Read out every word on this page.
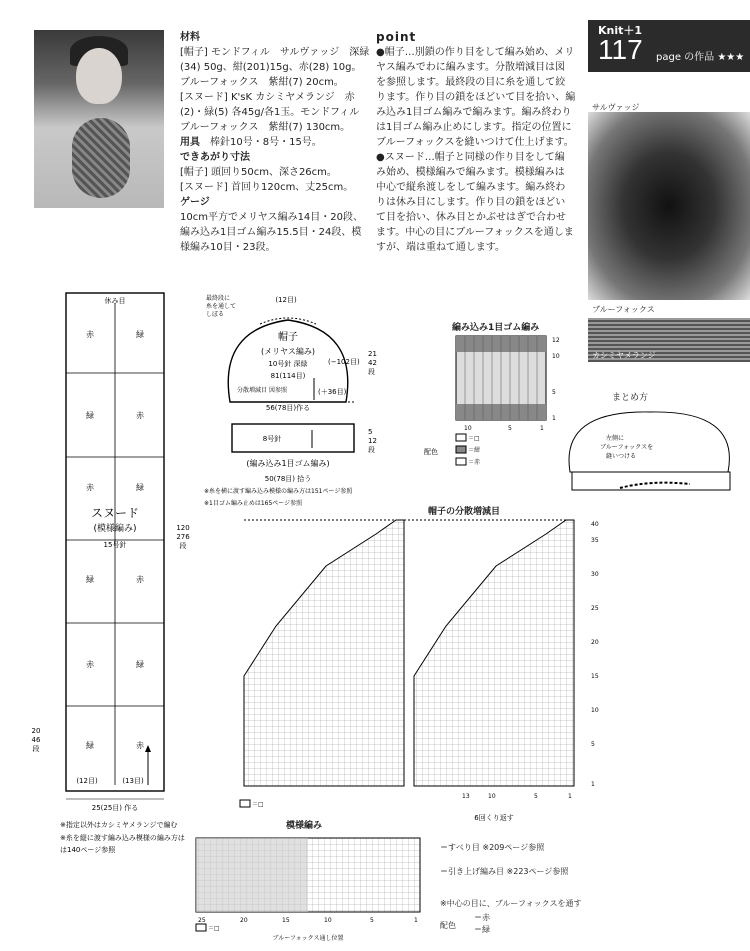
材料
[帽子] モンドフィル　サルヴァッジ　深緑
(34) 50g、紺(201)15g、赤(28) 10g。
ブルーフォックス　紫紺(7) 20cm。
[スヌード] K'sK カシミヤメランジ　赤
(2)・緑(5) 各45g/各1玉。モンドフィル
ブルーフォックス　紫紺(7) 130cm。
用具　 棒針10号・8号・15号。
できあがり寸法
[帽子] 頭回り50cm、深さ26cm。
[スヌード] 首回り120cm、丈25cm。
ゲージ
10cm平方でメリヤス編み14目・20段、
編み込み1目ゴム編み15.5目・24段、模
様編み10目・23段。
point
●帽子…別鎖の作り目をして編み始め、メリ
ヤス編みでわに編みます。分散増減目は図
を参照します。最終段の目に糸を通して絞
ります。作り目の鎖をほどいて目を拾い、編
み込み1目ゴム編みで編みます。編み終わり
は1目ゴム編み止めにします。指定の位置に
ブルーフォックスを縫いつけて仕上げます。
●スヌード…帽子と同様の作り目をして編
み始め、模様編みで編みます。模様編みは
中心で縦糸渡しをして編みます。編み終わ
りは休み目にします。作り目の鎖をほどい
て目を拾い、休み目とかぶせはぎで合わせ
ます。中心の目にブルーフォックスを通しま
すが、端は重ねて通します。
Knit＋1
117 page の作品 ★★★
サルヴァッジ
ブルーフォックス
カシミヤメランジ
休み目
赤	緑
緑	赤
赤	緑
スヌード
(模様編み)
15号針
緑	赤
赤	緑
緑	赤
(12目)	(13目)
25(25目) 作る
120
276
段
20
46
段
※指定以外はカシミヤメランジで編む
※糸を縦に渡す編み込み模様の編み方は
は140ページ参照
最終段に
糸を通して
しぼる
(12目)
帽子
(メリヤス編み)
10号針 深緑
81(114目)
(−102目)
分散増減目 図参照	(＋36目)
56(78目)作る
21
42
段
8号針
5
12
段
(編み込み1目ゴム編み)
50(78目) 拾う
※糸を横に渡す編み込み模様の編み方は151ページ参照
※1目ゴム編み止めは165ページ参照
編み込み1目ゴム編み
12
10
5
1
10	5	1
＝□
＝紺
＝赤
配色
まとめ方
左側に
ブルーフォックスを
縫いつける
帽子の分散増減目
40
35
30
25
20
15
10
5
1
13	10	5	1
6回くり返す
＝□
模様編み
25	20	15	10	5	1
＝□
ブルーフォックス通し位置
＝すべり目 ※209ページ参照
＝引き上げ編み目 ※223ページ参照
※中心の目に、ブルーフォックスを通す
配色
＝赤
＝緑
